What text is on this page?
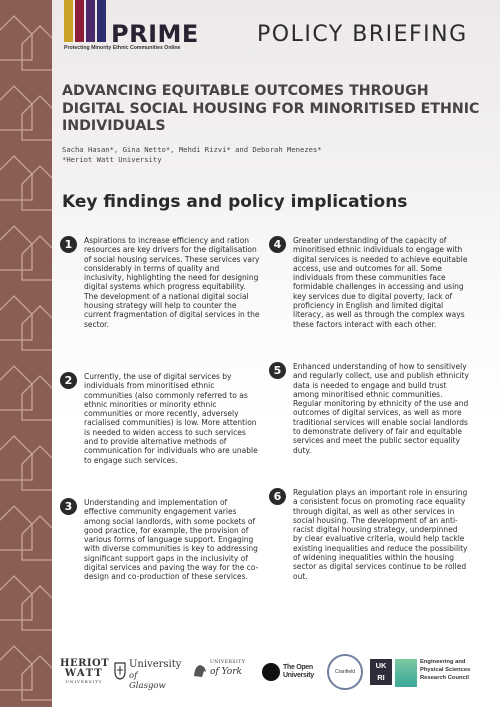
PRIME
Protecting Minority Ethnic Communities Online
POLICY BRIEFING
ADVANCING EQUITABLE OUTCOMES THROUGH DIGITAL SOCIAL HOUSING FOR MINORITISED ETHNIC INDIVIDUALS
Sacha Hasan*, Gina Netto*, Mehdi Rizvi* and Deborah Menezes*
*Heriot Watt University
Key findings and policy implications
1	Aspirations to increase efficiency and ration resources are key drivers for the digitalisation of social housing services. These services vary considerably in terms of quality and inclusivity, highlighting the need for designing digital systems which progress equitability. The development of a national digital social housing strategy will help to counter the current fragmentation of digital services in the sector.

2	Currently, the use of digital services by individuals from minoritised ethnic communities (also commonly referred to as ethnic minorities or minority ethnic communities or more recently, adversely racialised communities) is low. More attention is needed to widen access to such services and to provide alternative methods of communication for individuals who are unable to engage such services.

3	Understanding and implementation of effective community engagement varies among social landlords, with some pockets of good practice, for example, the provision of various forms of language support. Engaging with diverse communities is key to addressing significant support gaps in the inclusivity of digital services and paving the way for the co-design and co-production of these services.

4	Greater understanding of the capacity of minoritised ethnic individuals to engage with digital services is needed to achieve equitable access, use and outcomes for all. Some individuals from these communities face formidable challenges in accessing and using key services due to digital poverty, lack of proficiency in English and limited digital literacy, as well as through the complex ways these factors interact with each other.

5	Enhanced understanding of how to sensitively and regularly collect, use and publish ethnicity data is needed to engage and build trust among minoritised ethnic communities. Regular monitoring by ethnicity of the use and outcomes of digital services, as well as more traditional services will enable social landlords to demonstrate delivery of fair and equitable services and meet the public sector equality duty.

6	Regulation plays an important role in ensuring a consistent focus on promoting race equality through digital, as well as other services in social housing. The development of an anti-racist digital housing strategy, underpinned by clear evaluative criteria, would help tackle existing inequalities and reduce the possibility of widening inequalities within the housing sector as digital services continue to be rolled out.

HERIOT
WATT
UNIVERSITY
University
of Glasgow
UNIVERSITY
of York	The Open
University	Cranfield
UKRI
Engineering and
Physical Sciences
Research Council
